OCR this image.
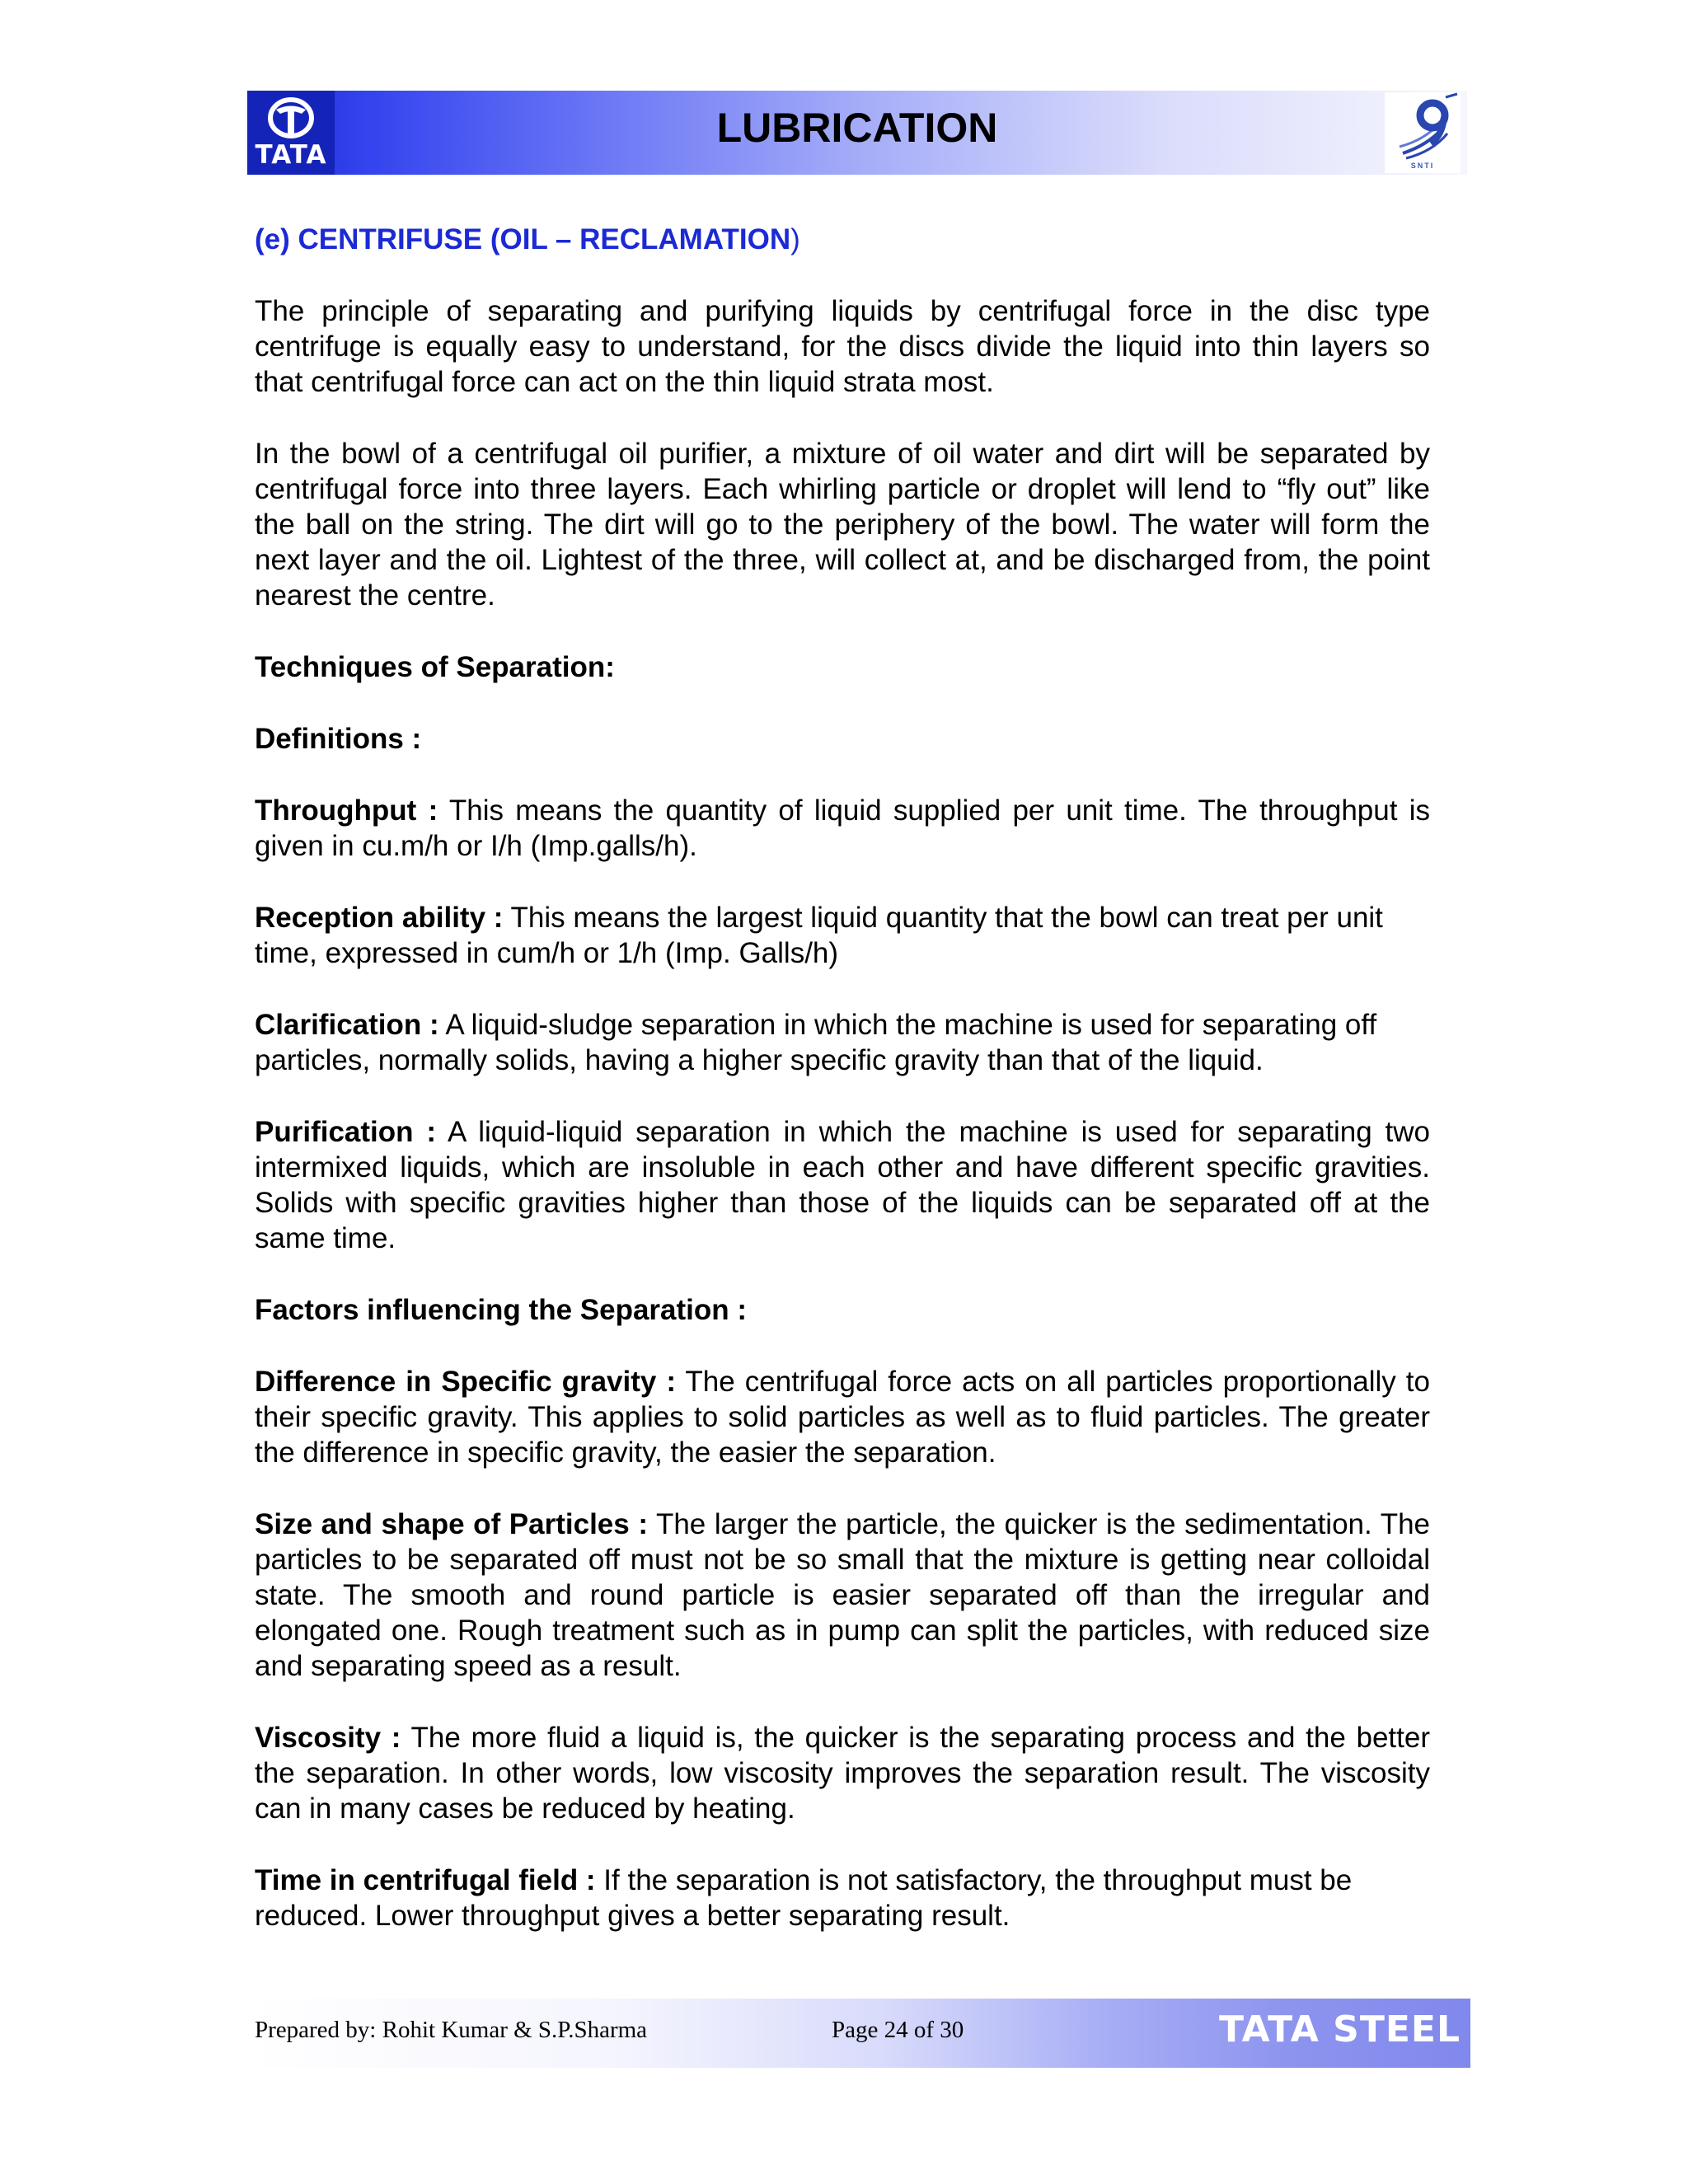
TATA
LUBRICATION
SNTI
(e) CENTRIFUSE (OIL – RECLAMATION)

The principle of separating and purifying liquids by centrifugal force in the disc type centrifuge is equally easy to understand, for the discs divide the liquid into thin layers so that centrifugal force can act on the thin liquid strata most.

In the bowl of a centrifugal oil purifier, a mixture of oil water and dirt will be separated by centrifugal force into three layers. Each whirling particle or droplet will lend to “fly out” like the ball on the string. The dirt will go to the periphery of the bowl. The water will form the next layer and the oil. Lightest of the three, will collect at, and be discharged from, the point nearest the centre.

Techniques of Separation:
Definitions :

Throughput : This means the quantity of liquid supplied per unit time. The throughput is given in cu.m/h or I/h (Imp.galls/h).

Reception ability : This means the largest liquid quantity that the bowl can treat per unit time, expressed in cum/h or 1/h (Imp. Galls/h)

Clarification : A liquid-sludge separation in which the machine is used for separating off particles, normally solids, having a higher specific gravity than that of the liquid.

Purification : A liquid-liquid separation in which the machine is used for separating two intermixed liquids, which are insoluble in each other and have different specific gravities. Solids with specific gravities higher than those of the liquids can be separated off at the same time.

Factors influencing the Separation :

Difference in Specific gravity : The centrifugal force acts on all particles proportionally to their specific gravity. This applies to solid particles as well as to fluid particles. The greater the difference in specific gravity, the easier the separation.

Size and shape of Particles : The larger the particle, the quicker is the sedimentation. The particles to be separated off must not be so small that the mixture is getting near colloidal state. The smooth and round particle is easier separated off than the irregular and elongated one. Rough treatment such as in pump can split the particles, with reduced size and separating speed as a result.

Viscosity : The more fluid a liquid is, the quicker is the separating process and the better the separation. In other words, low viscosity improves the separation result. The viscosity can in many cases be reduced by heating.

Time in centrifugal field : If the separation is not satisfactory, the throughput must be reduced. Lower throughput gives a better separating result.

Prepared by: Rohit Kumar & S.P.Sharma	Page 24 of 30	TATA STEEL
